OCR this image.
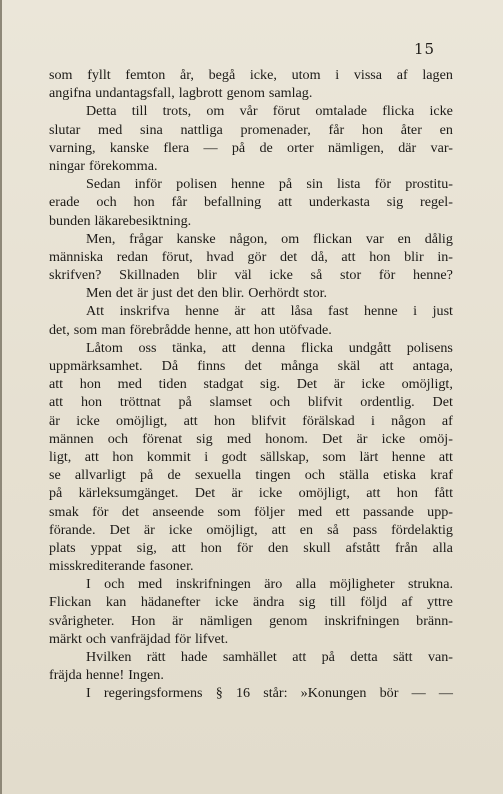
15
som fyllt femton år, begå icke, utom i vissa af lagen
angifna undantagsfall, lagbrott genom samlag.
Detta till trots, om vår förut omtalade flicka icke
slutar med sina nattliga promenader, får hon åter en
varning, kanske flera — på de orter nämligen, där var-
ningar förekomma.
Sedan inför polisen henne på sin lista för prostitu-
erade och hon får befallning att underkasta sig regel-
bunden läkarebesiktning.
Men, frågar kanske någon, om flickan var en dålig
människa redan förut, hvad gör det då, att hon blir in-
skrifven? Skillnaden blir väl icke så stor för henne?
Men det är just det den blir. Oerhördt stor.
Att inskrifva henne är att låsa fast henne i just
det, som man förebrådde henne, att hon utöfvade.
Låtom oss tänka, att denna flicka undgått polisens
uppmärksamhet. Då finns det många skäl att antaga,
att hon med tiden stadgat sig. Det är icke omöjligt,
att hon tröttnat på slamset och blifvit ordentlig. Det
är icke omöjligt, att hon blifvit förälskad i någon af
männen och förenat sig med honom. Det är icke omöj-
ligt, att hon kommit i godt sällskap, som lärt henne att
se allvarligt på de sexuella tingen och ställa etiska kraf
på kärleksumgänget. Det är icke omöjligt, att hon fått
smak för det anseende som följer med ett passande upp-
förande. Det är icke omöjligt, att en så pass fördelaktig
plats yppat sig, att hon för den skull afstått från alla
misskrediterande fasoner.
I och med inskrifningen äro alla möjligheter strukna.
Flickan kan hädanefter icke ändra sig till följd af yttre
svårigheter. Hon är nämligen genom inskrifningen bränn-
märkt och vanfräjdad för lifvet.
Hvilken rätt hade samhället att på detta sätt van-
fräjda henne! Ingen.
I regeringsformens § 16 står: »Konungen bör — —
